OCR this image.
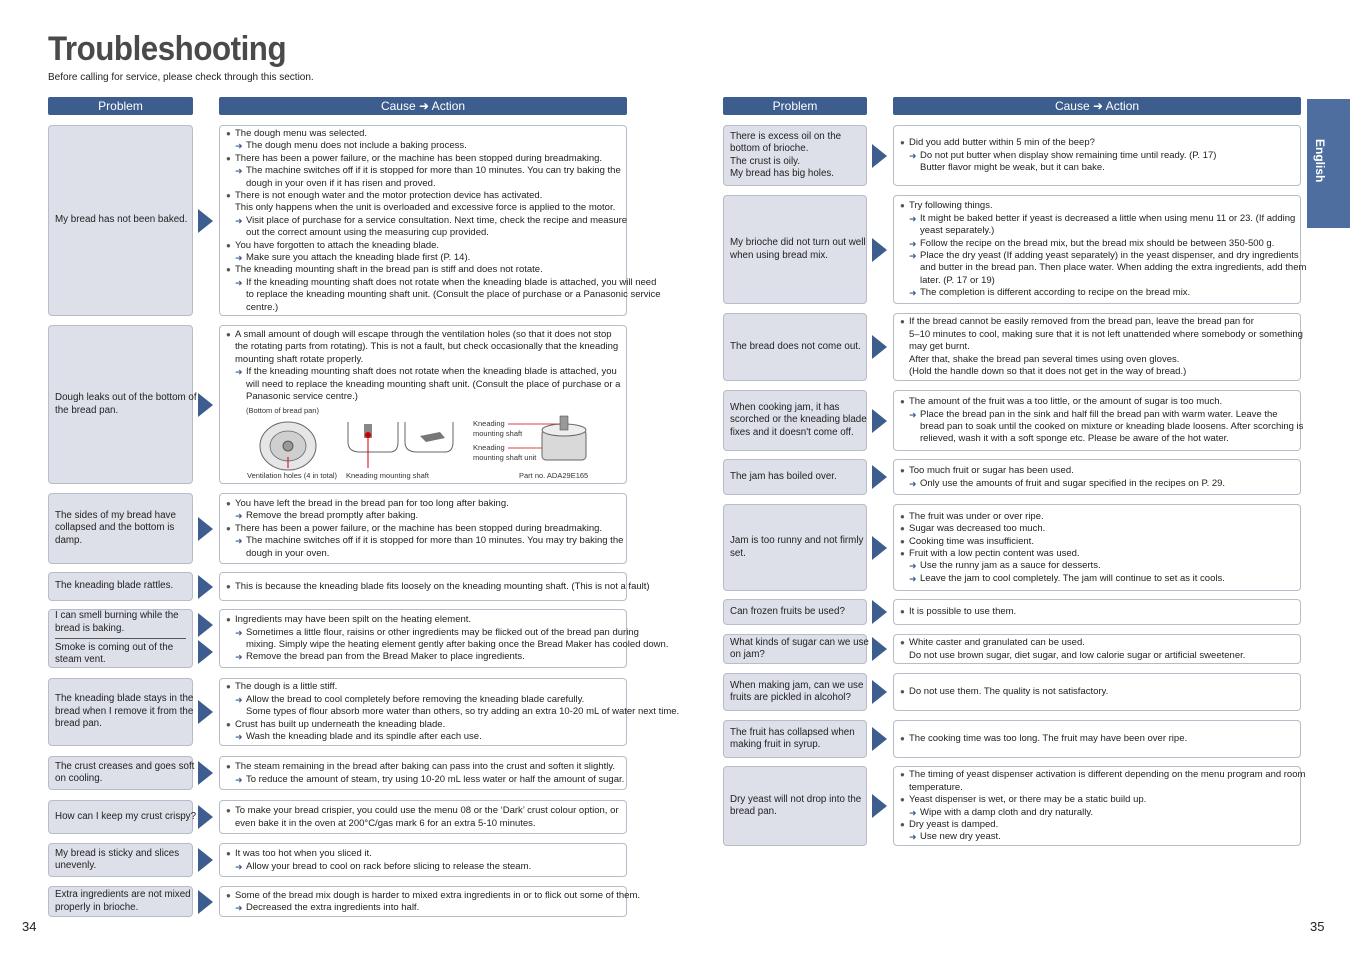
Troubleshooting
Before calling for service, please check through this section.
Problem	Cause ➜ Action	Problem	Cause ➜ Action
English
34	35
My bread has not been baked.
● The dough menu was selected.
➜ The dough menu does not include a baking process.
● There has been a power failure, or the machine has been stopped during breadmaking.
➜ The machine switches off if it is stopped for more than 10 minutes. You can try baking the
dough in your oven if it has risen and proved.
● There is not enough water and the motor protection device has activated.
This only happens when the unit is overloaded and excessive force is applied to the motor.
➜ Visit place of purchase for a service consultation. Next time, check the recipe and measure
out the correct amount using the measuring cup provided.
● You have forgotten to attach the kneading blade.
➜ Make sure you attach the kneading blade first (P. 14).
● The kneading mounting shaft in the bread pan is stiff and does not rotate.
➜ If the kneading mounting shaft does not rotate when the kneading blade is attached, you will need
to replace the kneading mounting shaft unit. (Consult the place of purchase or a Panasonic service
centre.)
Dough leaks out of the bottom of
the bread pan.
● A small amount of dough will escape through the ventilation holes (so that it does not stop
the rotating parts from rotating). This is not a fault, but check occasionally that the kneading
mounting shaft rotate properly.
➜ If the kneading mounting shaft does not rotate when the kneading blade is attached, you
will need to replace the kneading mounting shaft unit. (Consult the place of purchase or a
Panasonic service centre.)
The sides of my bread have
collapsed and the bottom is
damp.
● You have left the bread in the bread pan for too long after baking.
➜ Remove the bread promptly after baking.
● There has been a power failure, or the machine has been stopped during breadmaking.
➜ The machine switches off if it is stopped for more than 10 minutes. You may try baking the
dough in your oven.
The kneading blade rattles.	● This is because the kneading blade fits loosely on the kneading mounting shaft. (This is not a fault)
I can smell burning while the
bread is baking.
Smoke is coming out of the
steam vent.
● Ingredients may have been spilt on the heating element.
➜ Sometimes a little flour, raisins or other ingredients may be flicked out of the bread pan during
mixing. Simply wipe the heating element gently after baking once the Bread Maker has cooled down.
➜ Remove the bread pan from the Bread Maker to place ingredients.
The kneading blade stays in the
bread when I remove it from the
bread pan.
● The dough is a little stiff.
➜ Allow the bread to cool completely before removing the kneading blade carefully.
Some types of flour absorb more water than others, so try adding an extra 10-20 mL of water next time.
● Crust has built up underneath the kneading blade.
➜ Wash the kneading blade and its spindle after each use.
The crust creases and goes soft
on cooling.
● The steam remaining in the bread after baking can pass into the crust and soften it slightly.
➜ To reduce the amount of steam, try using 10-20 mL less water or half the amount of sugar.
How can I keep my crust crispy?
● To make your bread crispier, you could use the menu 08 or the ‘Dark’ crust colour option, or
even bake it in the oven at 200°C/gas mark 6 for an extra 5-10 minutes.
My bread is sticky and slices
unevenly.
● It was too hot when you sliced it.
➜ Allow your bread to cool on rack before slicing to release the steam.
Extra ingredients are not mixed
properly in brioche.
● Some of the bread mix dough is harder to mixed extra ingredients in or to flick out some of them.
➜ Decreased the extra ingredients into half.
There is excess oil on the
bottom of brioche.
The crust is oily.
My bread has big holes.
● Did you add butter within 5 min of the beep?
➜ Do not put butter when display show remaining time until ready. (P. 17)
Butter flavor might be weak, but it can bake.
My brioche did not turn out well
when using bread mix.
● Try following things.
➜ It might be baked better if yeast is decreased a little when using menu 11 or 23. (If adding
yeast separately.)
➜ Follow the recipe on the bread mix, but the bread mix should be between 350-500 g.
➜ Place the dry yeast (If adding yeast separately) in the yeast dispenser, and dry ingredients
and butter in the bread pan. Then place water. When adding the extra ingredients, add them
later. (P. 17 or 19)
➜ The completion is different according to recipe on the bread mix.
The bread does not come out.
● If the bread cannot be easily removed from the bread pan, leave the bread pan for
5–10 minutes to cool, making sure that it is not left unattended where somebody or something
may get burnt.
After that, shake the bread pan several times using oven gloves.
(Hold the handle down so that it does not get in the way of bread.)
When cooking jam, it has
scorched or the kneading blade
fixes and it doesn't come off.
● The amount of the fruit was a too little, or the amount of sugar is too much.
➜ Place the bread pan in the sink and half fill the bread pan with warm water. Leave the
bread pan to soak until the cooked on mixture or kneading blade loosens. After scorching is
relieved, wash it with a soft sponge etc. Please be aware of the hot water.
The jam has boiled over.
● Too much fruit or sugar has been used.
➜ Only use the amounts of fruit and sugar specified in the recipes on P. 29.
Jam is too runny and not firmly
set.
● The fruit was under or over ripe.
● Sugar was decreased too much.
● Cooking time was insufficient.
● Fruit with a low pectin content was used.
➜ Use the runny jam as a sauce for desserts.
➜ Leave the jam to cool completely. The jam will continue to set as it cools.
Can frozen fruits be used?	● It is possible to use them.
What kinds of sugar can we use
on jam?
● White caster and granulated can be used.
Do not use brown sugar, diet sugar, and low calorie sugar or artificial sweetener.
When making jam, can we use
fruits are pickled in alcohol?
● Do not use them. The quality is not satisfactory.
The fruit has collapsed when
making fruit in syrup.
● The cooking time was too long. The fruit may have been over ripe.
Dry yeast will not drop into the
bread pan.
● The timing of yeast dispenser activation is different depending on the menu program and room
temperature.
● Yeast dispenser is wet, or there may be a static build up.
➜ Wipe with a damp cloth and dry naturally.
● Dry yeast is damped.
➜ Use new dry yeast.
(Bottom of bread pan)
Ventilation holes (4 in total) Kneading mounting shaft
Kneading
mounting shaft
Kneading
mounting shaft unit
Part no. ADA29E165
